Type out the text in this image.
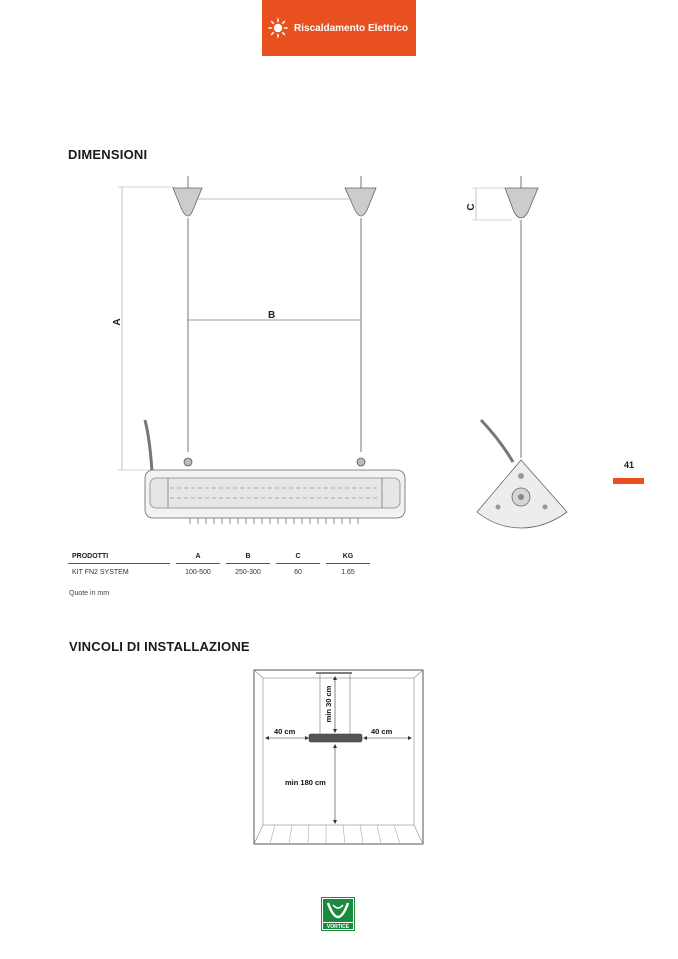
Riscaldamento Elettrico
DIMENSIONI
VINCOLI DI INSTALLAZIONE
41
B
A
C
40 cm	40 cm
min 30 cm
min 180 cm
PRODOTTI		A		B		C		KG
KIT FN2 SYSTEM		100-500		250-300		60		1.65
Quote in mm
VORTICE
